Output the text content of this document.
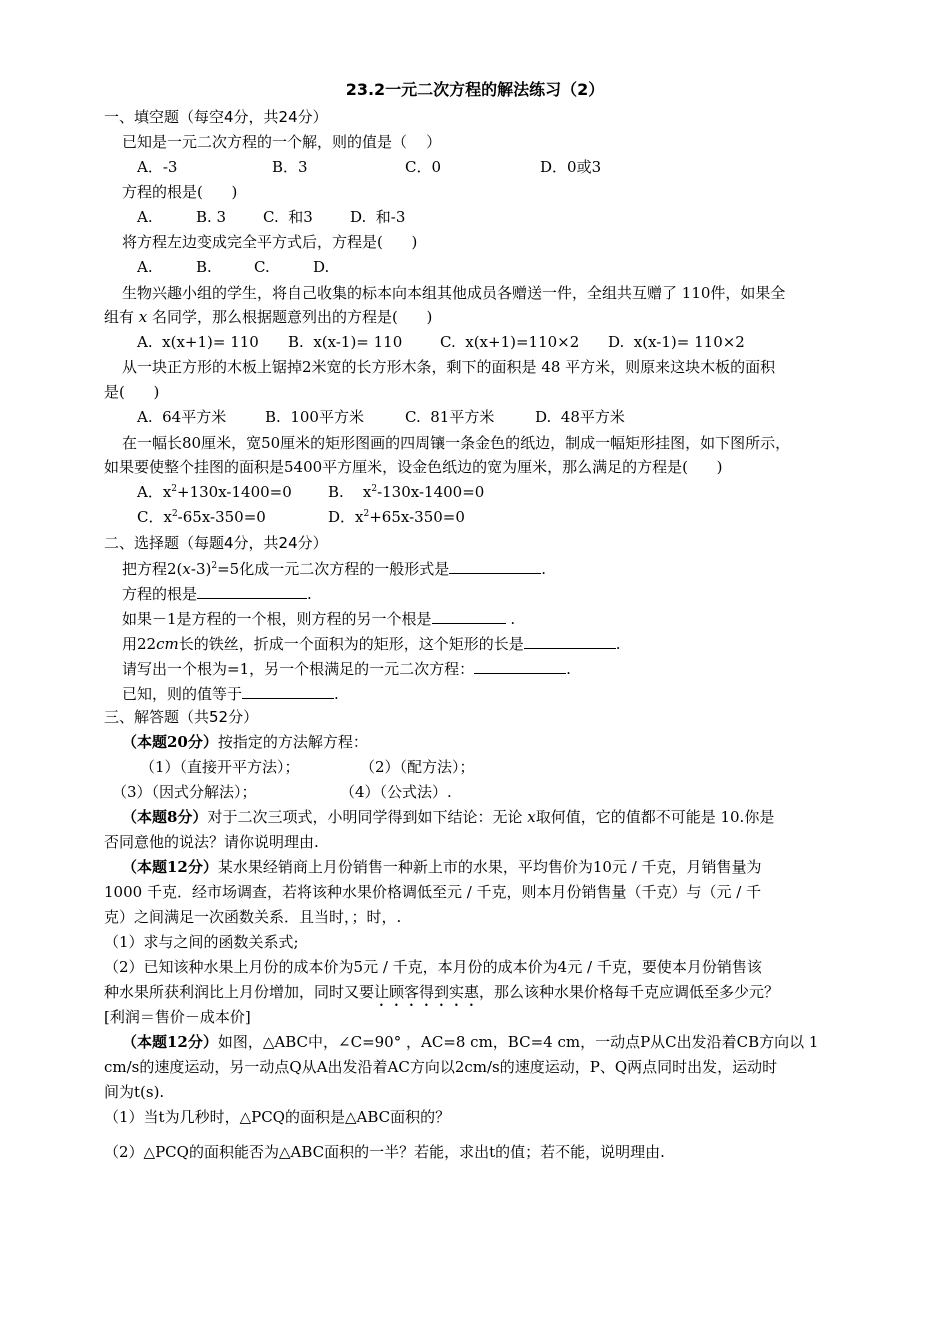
23.2一元二次方程的解法练习（2）
一、填空题（每空4分，共24分）
已知是一元二次方程的一个解，则的值是（    ）
A．-3	B．3	C．0	D．0或3
方程的根是(      )
A.	B. 3 C.  和3 D.  和-3
将方程左边变成完全平方式后，方程是(      )
A.	B.	C.	D.
生物兴趣小组的学生，将自己收集的标本向本组其他成员各赠送一件，全组共互赠了 110件，如果全
组有 x 名同学，那么根据题意列出的方程是(      )
A.  x(x+1)= 110 B.  x(x-1)= 110	C.  x(x+1)=110×2 D.  x(x-1)= 110×2
从一块正方形的木板上锯掉2米宽的长方形木条，剩下的面积是 48 平方米，则原来这块木板的面积
是(      )
A.  64平方米	B.  100平方米	C.  81平方米	D.  48平方米
在一幅长80厘米，宽50厘米的矩形图画的四周镶一条金色的纸边，制成一幅矩形挂图，如下图所示，
如果要使整个挂图的面积是5400平方厘米，设金色纸边的宽为厘米，那么满足的方程是(      )
A．$x^2+130x-1400=0$ B.    $x^2-130x-1400=0$
C．$x^2-65x-350=0$	D．$x^2+65x-350=0$
二、选择题（每题4分，共24分）
把方程$2(x-3)^2=5$化成一元二次方程的一般形式是	.
方程的根是	.
如果－1是方程的一个根，则方程的另一个根是	.
用22cm长的铁丝，折成一个面积为的矩形，这个矩形的长是	.
请写出一个根为=1，另一个根满足的一元二次方程：	.
已知，则的值等于	.
三、解答题（共52分）
（本题20分）按指定的方法解方程：
（1）（直接开平方法）；	（2）（配方法）；
（3）（因式分解法）；	（4）（公式法）.
（本题8分）对于二次三项式，小明同学得到如下结论：无论 x取何值，它的值都不可能是 10.你是
否同意他的说法？请你说明理由.
（本题12分）某水果经销商上月份销售一种新上市的水果，平均售价为10元 / 千克，月销售量为
1000 千克．经市场调查，若将该种水果价格调低至元 / 千克，则本月份销售量（千克）与（元 / 千
克）之间满足一次函数关系．且当时，；时，.
（1）求与之间的函数关系式;
（2）已知该种水果上月份的成本价为5元 / 千克，本月份的成本价为4元 / 千克，要使本月份销售该
种水果所获利润比上月份增加，同时又要让顾客得到实惠，那么该种水果价格每千克应调低至多少元？
[利润＝售价－成本价]
（本题12分）如图，△ABC中，∠C=90° ，AC=8 cm，BC=4 cm，一动点P从C出发沿着CB方向以 1
cm/s的速度运动，另一动点Q从A出发沿着AC方向以2cm/s的速度运动，P、Q两点同时出发，运动时
间为t(s).
（1）当t为几秒时，△PCQ的面积是△ABC面积的？
（2）△PCQ的面积能否为△ABC面积的一半？若能，求出t的值；若不能，说明理由.
